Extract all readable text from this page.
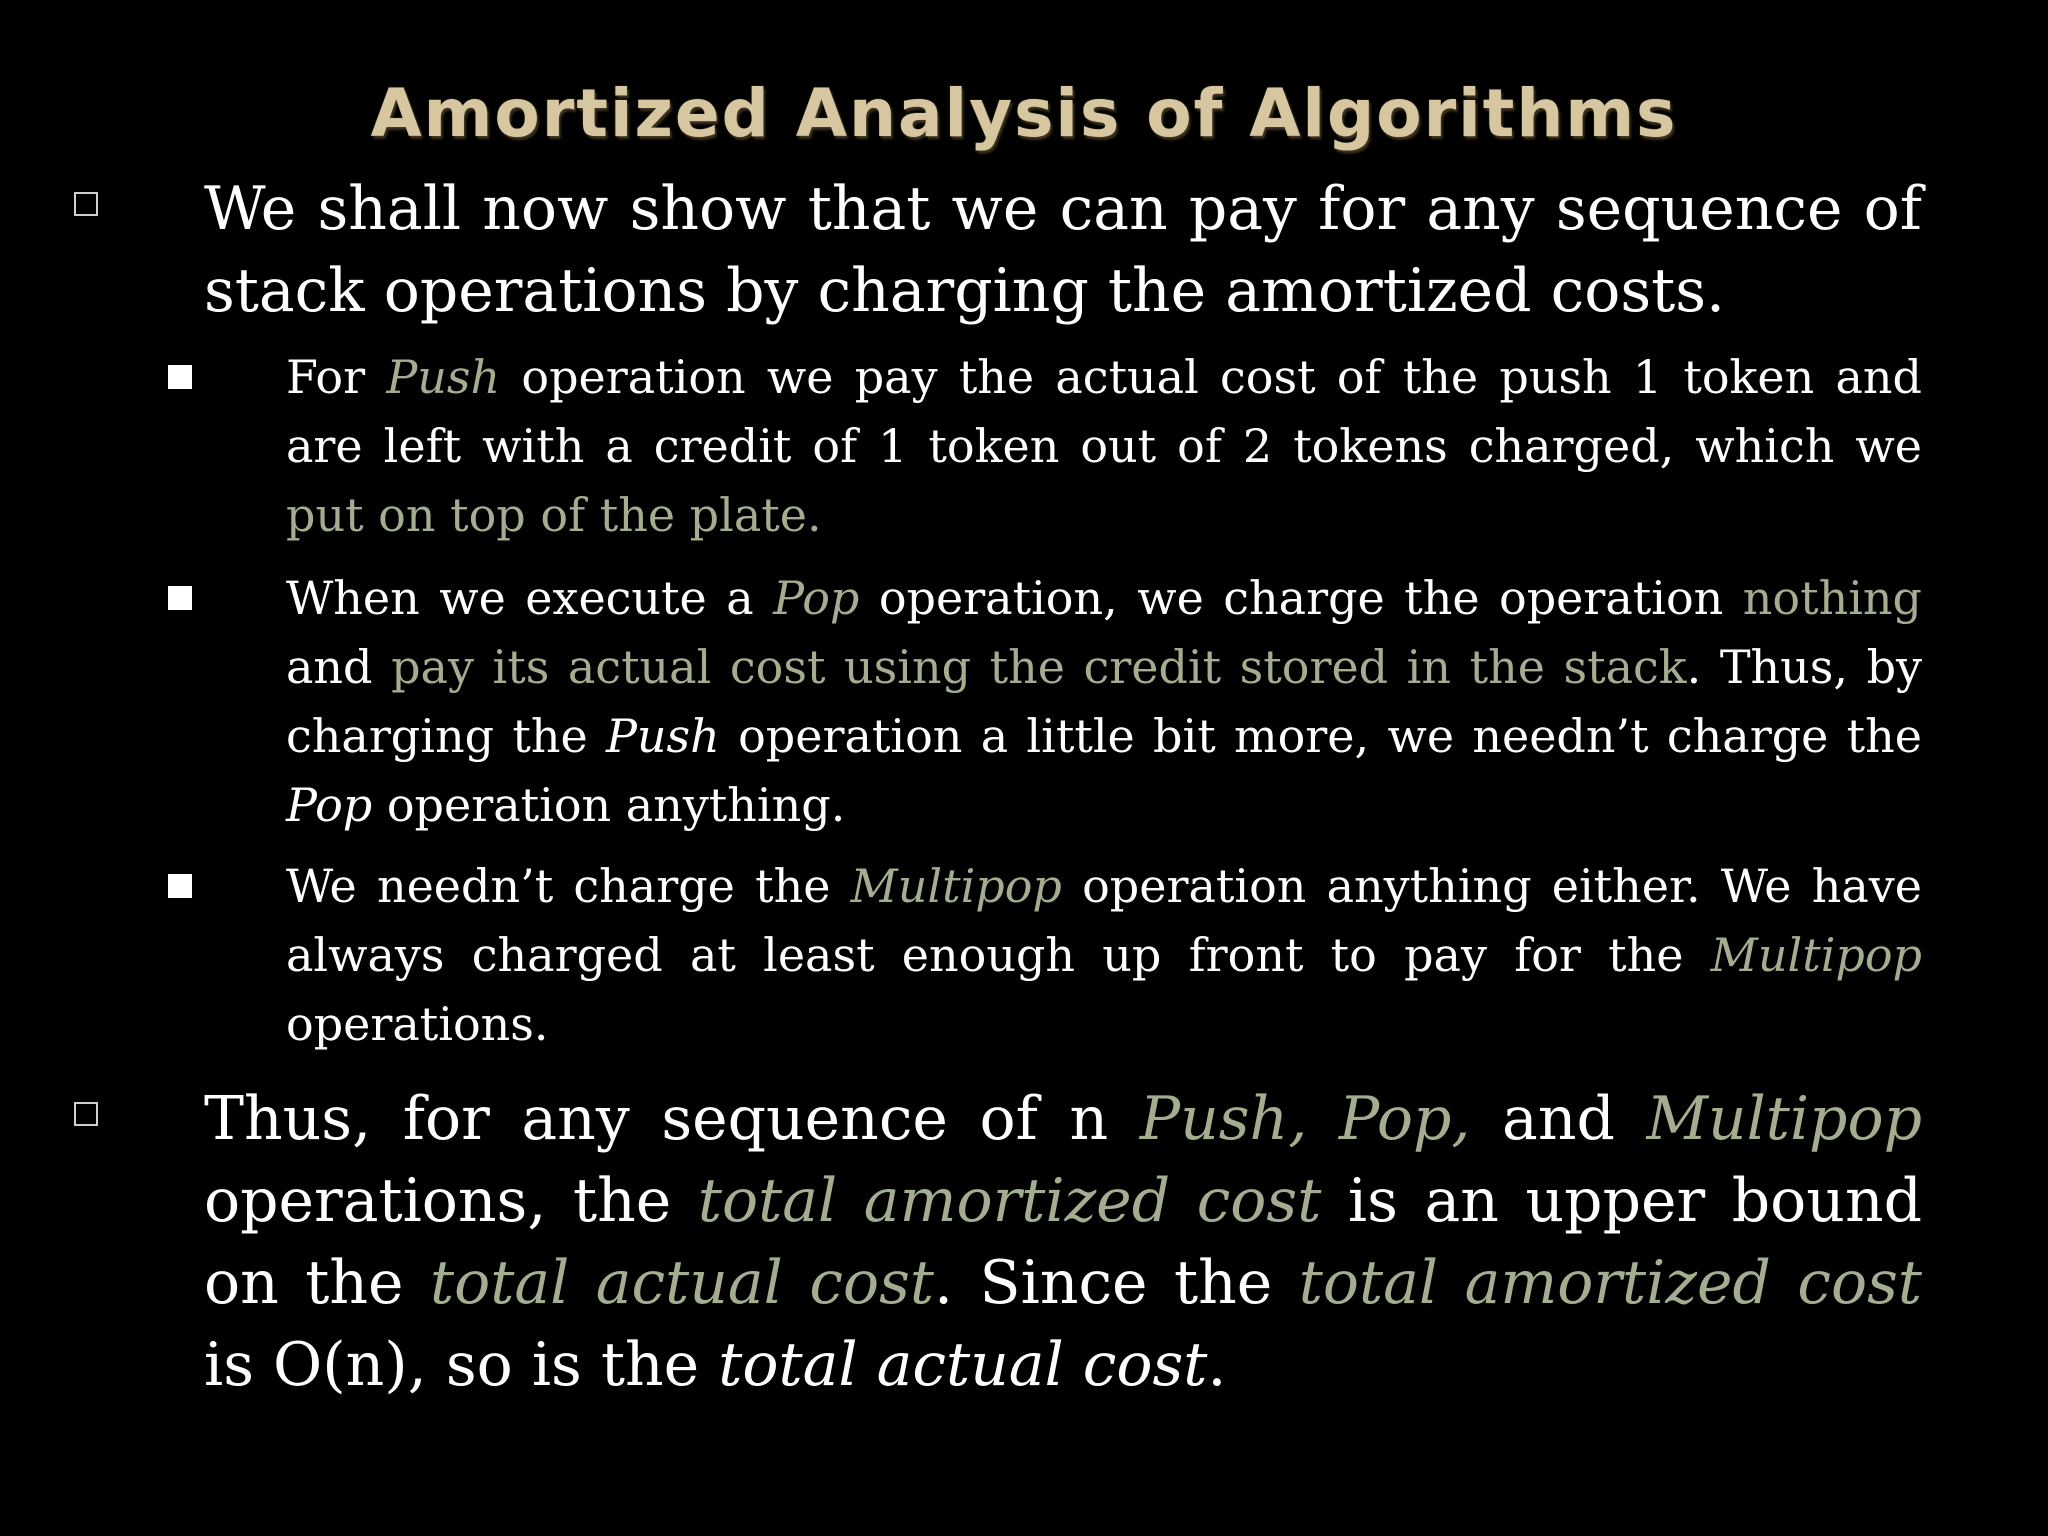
Amortized Analysis of Algorithms
We shall now show that we can pay for any sequence of stack operations by charging the amortized costs.
For Push operation we pay the actual cost of the push 1 token and are left with a credit of 1 token out of 2 tokens charged, which we put on top of the plate.
When we execute a Pop operation, we charge the operation nothing and pay its actual cost using the credit stored in the stack. Thus, by charging the Push operation a little bit more, we needn’t charge the Pop operation anything.
We needn’t charge the Multipop operation anything either. We have always charged at least enough up front to pay for the Multipop operations.
Thus, for any sequence of n Push, Pop, and Multipop operations, the total amortized cost is an upper bound on the total actual cost. Since the total amortized cost is O(n), so is the total actual cost.
